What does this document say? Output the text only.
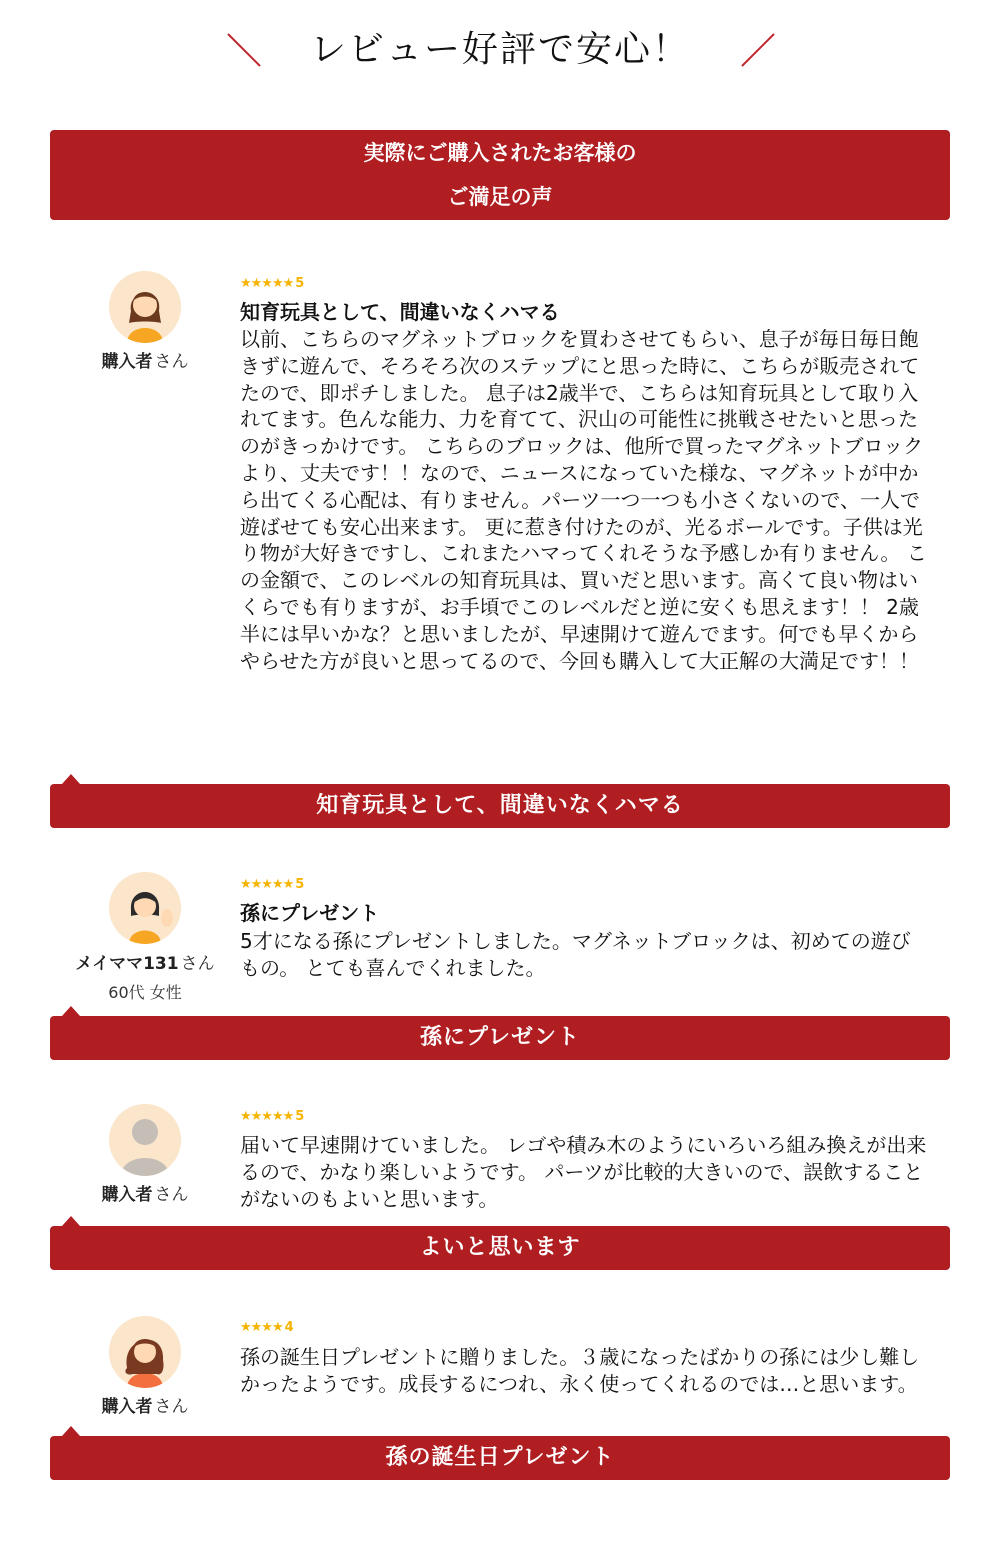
レビュー好評で安心！
実際にご購入されたお客様の
ご満足の声
購入者 さん
★★★★★ 5
知育玩具として、間違いなくハマる
以前、こちらのマグネットブロックを買わさせてもらい、息子が毎日毎日飽きずに遊んで、そろそろ次のステップにと思った時に、こちらが販売されてたので、即ポチしました。 息子は2歳半で、こちらは知育玩具として取り入れてます。色んな能力、力を育てて、沢山の可能性に挑戦させたいと思ったのがきっかけです。 こちらのブロックは、他所で買ったマグネットブロックより、丈夫です！！なので、ニュースになっていた様な、マグネットが中から出てくる心配は、有りません。パーツ一つ一つも小さくないので、一人で遊ばせても安心出来ます。 更に惹き付けたのが、光るボールです。子供は光り物が大好きですし、これまたハマってくれそうな予感しか有りません。 この金額で、このレベルの知育玩具は、買いだと思います。高くて良い物はいくらでも有りますが、お手頃でこのレベルだと逆に安くも思えます！！ 2歳半には早いかな？と思いましたが、早速開けて遊んでます。何でも早くからやらせた方が良いと思ってるので、今回も購入して大正解の大満足です！！
知育玩具として、間違いなくハマる
メイママ131 さん
60代 女性
★★★★★ 5
孫にプレゼント
5才になる孫にプレゼントしました。マグネットブロックは、初めての遊びもの。 とても喜んでくれました。
孫にプレゼント
購入者 さん
★★★★★ 5
届いて早速開けていました。 レゴや積み木のようにいろいろ組み換えが出来るので、かなり楽しいようです。 パーツが比較的大きいので、誤飲することがないのもよいと思います。
よいと思います
購入者 さん
★★★★ 4
孫の誕生日プレゼントに贈りました。３歳になったばかりの孫には少し難しかったようです。成長するにつれ、永く使ってくれるのでは…と思います。
孫の誕生日プレゼント
